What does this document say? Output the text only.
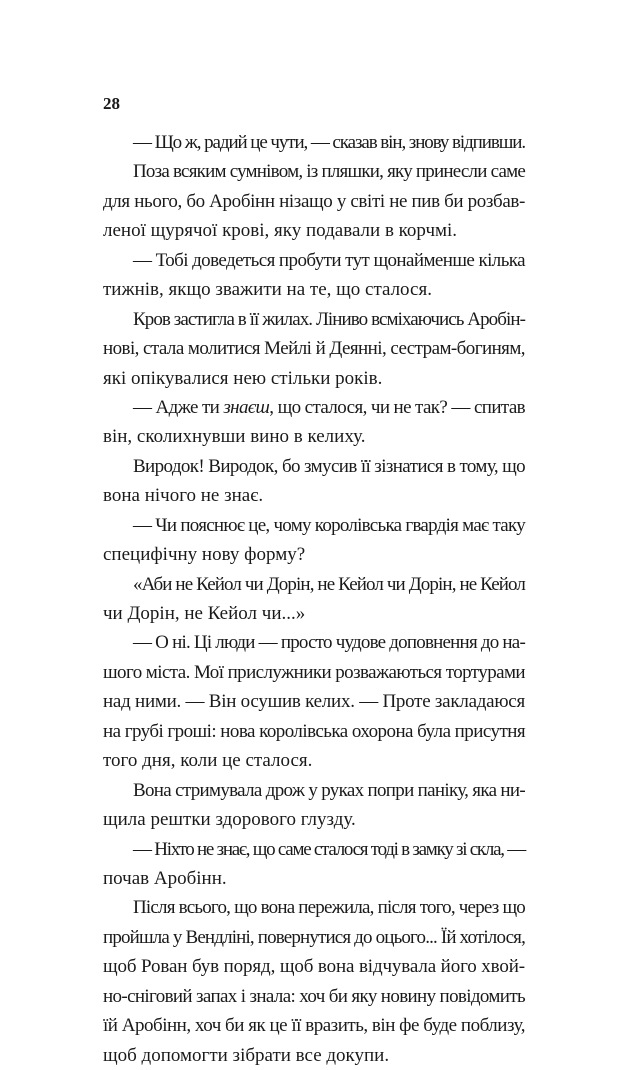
28
— Що ж, радий це чути, — сказав він, знову відпивши.
Поза всяким сумнівом, із пляшки, яку принесли саме
для нього, бо Аробінн нізащо у світі не пив би розбав-
леної щурячої крові, яку подавали в корчмі.
— Тобі доведеться пробути тут щонайменше кілька
тижнів, якщо зважити на те, що сталося.
Кров застигла в її жилах. Ліниво всміхаючись Аробін-
нові, стала молитися Мейлі й Деянні, сестрам-богиням,
які опікувалися нею стільки років.
— Адже ти знаєш, що сталося, чи не так? — спитав
він, сколихнувши вино в келиху.
Виродок! Виродок, бо змусив її зізнатися в тому, що
вона нічого не знає.
— Чи пояснює це, чому королівська гвардія має таку
специфічну нову форму?
«Аби не Кейол чи Дорін, не Кейол чи Дорін, не Кейол
чи Дорін, не Кейол чи...»
— О ні. Ці люди — просто чудове доповнення до на-
шого міста. Мої прислужники розважаються тортурами
над ними. — Він осушив келих. — Проте закладаюся
на грубі гроші: нова королівська охорона була присутня
того дня, коли це сталося.
Вона стримувала дрож у руках попри паніку, яка ни-
щила рештки здорового глузду.
— Ніхто не знає, що саме сталося тоді в замку зі скла, —
почав Аробінн.
Після всього, що вона пережила, після того, через що
пройшла у Вендліні, повернутися до оцього... Їй хотілося,
щоб Рован був поряд, щоб вона відчувала його хвой-
но-сніговий запах і знала: хоч би яку новину повідомить
їй Аробінн, хоч би як це її вразить, він фе буде поблизу,
щоб допомогти зібрати все докупи.
